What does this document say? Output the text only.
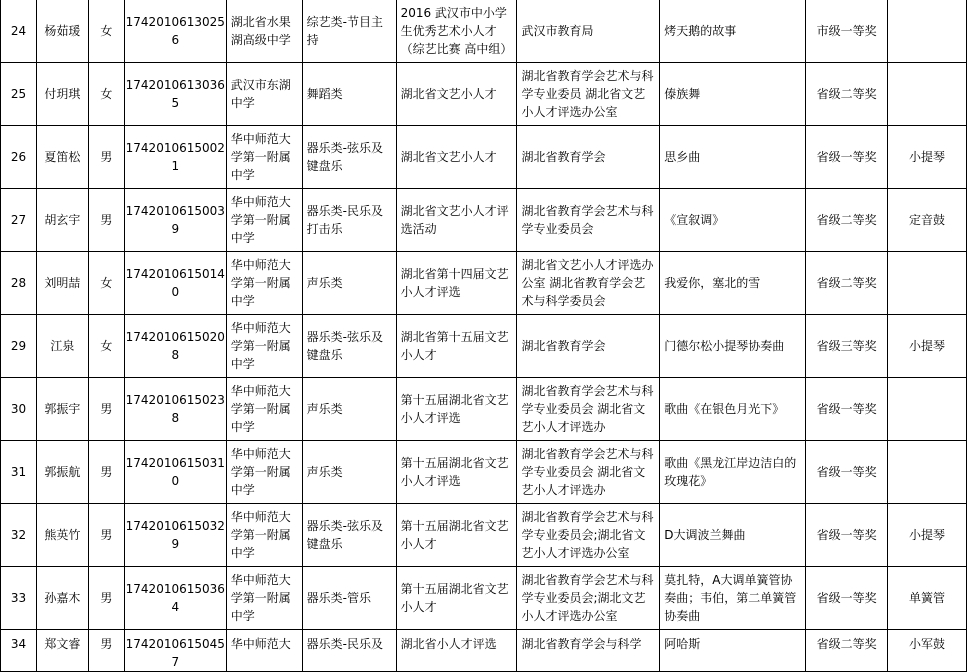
24	杨茹瑗	女	17420106130256	湖北省水果湖高级中学	综艺类-节目主持	2016 武汉市中小学生优秀艺术小人才（综艺比赛 高中组）	武汉市教育局	烤天鹅的故事	市级一等奖	
25	付玥琪	女	17420106130365	武汉市东湖中学	舞蹈类	湖北省文艺小人才	湖北省教育学会艺术与科学专业委员 湖北省文艺小人才评选办公室	傣族舞	省级二等奖	
26	夏笛松	男	17420106150021	华中师范大学第一附属中学	器乐类-弦乐及键盘乐	湖北省文艺小人才	湖北省教育学会	思乡曲	省级一等奖	小提琴
27	胡玄宇	男	17420106150039	华中师范大学第一附属中学	器乐类-民乐及打击乐	湖北省文艺小人才评选活动	湖北省教育学会艺术与科学专业委员会	《宣叙调》	省级二等奖	定音鼓
28	刘明喆	女	17420106150140	华中师范大学第一附属中学	声乐类	湖北省第十四届文艺小人才评选	湖北省文艺小人才评选办公室 湖北省教育学会艺术与科学委员会	我爱你，塞北的雪	省级二等奖	
29	江泉	女	17420106150208	华中师范大学第一附属中学	器乐类-弦乐及键盘乐	湖北省第十五届文艺小人才	湖北省教育学会	门德尔松小提琴协奏曲	省级三等奖	小提琴
30	郭振宇	男	17420106150238	华中师范大学第一附属中学	声乐类	第十五届湖北省文艺小人才评选	湖北省教育学会艺术与科学专业委员会 湖北省文艺小人才评选办	歌曲《在银色月光下》	省级一等奖	
31	郭振航	男	17420106150310	华中师范大学第一附属中学	声乐类	第十五届湖北省文艺小人才评选	湖北省教育学会艺术与科学专业委员会 湖北省文艺小人才评选办	歌曲《黑龙江岸边洁白的玫瑰花》	省级一等奖	
32	熊英竹	男	17420106150329	华中师范大学第一附属中学	器乐类-弦乐及键盘乐	第十五届湖北省文艺小人才	湖北省教育学会艺术与科学专业委员会;湖北省文艺小人才评选办公室	D大调波兰舞曲	省级一等奖	小提琴
33	孙嘉木	男	17420106150364	华中师范大学第一附属中学	器乐类-管乐	第十五届湖北省文艺小人才	湖北省教育学会艺术与科学专业委员会;湖北文艺小人才评选办公室	莫扎特，A大调单簧管协奏曲；韦伯，第二单簧管协奏曲	省级一等奖	单簧管
34	郑文睿	男	17420106150457	华中师范大	器乐类-民乐及	湖北省小人才评选	湖北省教育学会与科学	阿哈斯	省级二等奖	小军鼓
